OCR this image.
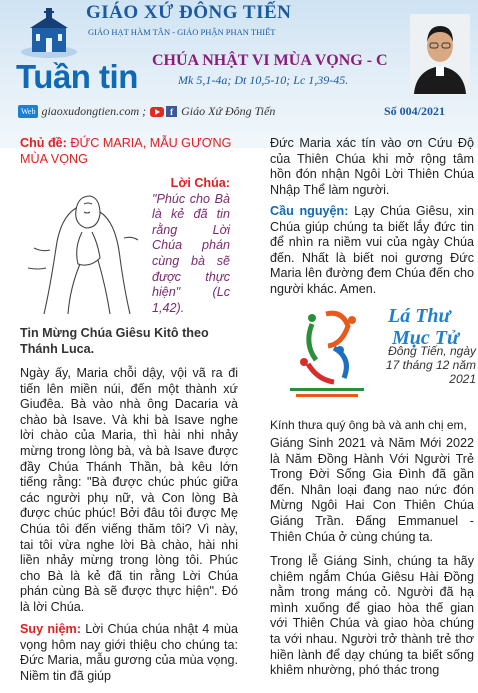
GIÁO XỨ ĐÔNG TIẾN
GIÁO HẠT HÀM TÂN - GIÁO PHẬN PHAN THIẾT
Tuần tin CHÚA NHẬT VI MÙA VỌNG - C
Mk 5,1-4a; Dt 10,5-10; Lc 1,39-45.
Web giaoxudongtien.com ;	f Giáo Xứ Đông Tiến	Số 004/2021

Chủ đề: ĐỨC MARIA, MẪU GƯƠNG MÙA VỌNG

Lời Chúa:
"Phúc cho Bà là kẻ đã tin rằng Lời Chúa phán cùng bà sẽ được thực hiện" (Lc 1,42).
Tin Mừng Chúa Giêsu Kitô theo Thánh Luca.
Ngày ấy, Maria chỗi dậy, vội vã ra đi tiến lên miền núi, đến một thành xứ Giuđêa. Bà vào nhà ông Dacaria và chào bà Isave. Và khi bà Isave nghe lời chào của Maria, thì hài nhi nhảy mừng trong lòng bà, và bà Isave được đầy Chúa Thánh Thần, bà kêu lớn tiếng rằng: "Bà được chúc phúc giữa các người phụ nữ, và Con lòng Bà được chúc phúc! Bởi đâu tôi được Mẹ Chúa tôi đến viếng thăm tôi? Vì này, tai tôi vừa nghe lời Bà chào, hài nhi liền nhảy mừng trong lòng tôi. Phúc cho Bà là kẻ đã tin rằng Lời Chúa phán cùng Bà sẽ được thực hiện". Đó là lời Chúa.
Suy niệm: Lời Chúa chúa nhật 4 mùa vọng hôm nay giới thiệu cho chúng ta: Đức Maria, mẫu gương của mùa vọng. Niềm tin đã giúp
Đức Maria xác tín vào ơn Cứu Độ của Thiên Chúa khi mở rộng tâm hồn đón nhận Ngôi Lời Thiên Chúa Nhập Thể làm người.
Cầu nguyện: Lạy Chúa Giêsu, xin Chúa giúp chúng ta biết lắy đức tin để nhìn ra niềm vui của ngày Chúa đến. Nhất là biết noi gương Đức Maria lên đường đem Chúa đến cho người khác. Amen.
Lá Thư
Mục Tử
Đông Tiến, ngày 17 tháng 12 năm 2021
Kính thưa quý ông bà và anh chị em,
Giáng Sinh 2021 và Năm Mới 2022 là Năm Đồng Hành Với Người Trẻ Trong Đời Sống Gia Đình đã gần đến. Nhân loại đang nao nức đón Mừng Ngôi Hai Con Thiên Chúa Giáng Trần. Đấng Emmanuel - Thiên Chúa ở cùng chúng ta.
Trong lễ Giáng Sinh, chúng ta hãy chiêm ngắm Chúa Giêsu Hài Đồng nằm trong máng cỏ. Người đã hạ mình xuống để giao hòa thế gian với Thiên Chúa và giao hòa chúng ta với nhau. Người trở thành trẻ thơ hiền lành để dạy chúng ta biết sống khiêm nhường, phó thác trong
